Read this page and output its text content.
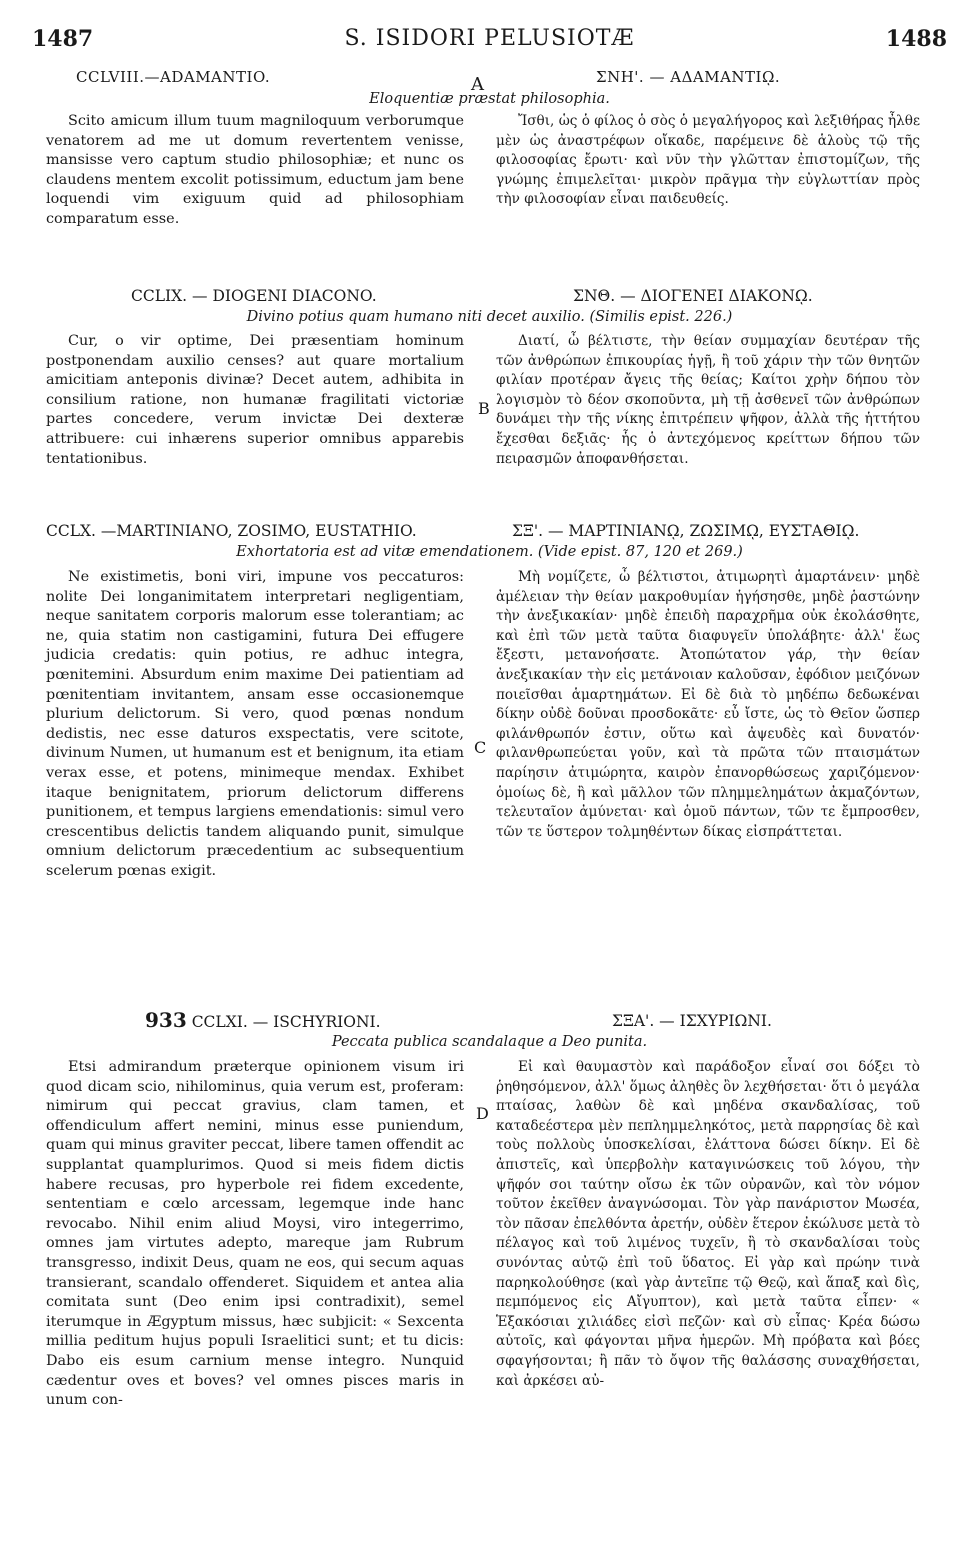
1487	S. ISIDORI PELUSIOTÆ	1488
CCLVIII.—ADAMANTIO.	A	ΣΝΗ'. — ΑΔΑΜΑΝΤΙῼ.
Eloquentiæ præstat philosophia.

Scito amicum illum tuum magniloquum verborumque venatorem ad me ut domum revertentem venisse, mansisse vero captum studio philosophiæ; et nunc os claudens mentem excolit potissimum, eductum jam bene loquendi vim exiguum quid ad philosophiam comparatum esse.

Ἴσθι, ὡς ὁ φίλος ὁ σὸς ὁ μεγαλήγορος καὶ λεξιθήρας ἦλθε μὲν ὡς ἀναστρέφων οἴκαδε, παρέμεινε δὲ ἁλοὺς τῷ τῆς φιλοσοφίας ἔρωτι· καὶ νῦν τὴν γλῶτταν ἐπιστομίζων, τῆς γνώμης ἐπιμελεῖται· μικρὸν πρᾶγμα τὴν εὐγλωττίαν πρὸς τὴν φιλοσοφίαν εἶναι παιδευθείς.

CCLIX. — DIOGENI DIACONO.	ΣΝΘ. — ΔΙΟΓΕΝΕΙ ΔΙΑΚΟΝῼ.
Divino potius quam humano niti decet auxilio. (Similis epist. 226.)

Cur, o vir optime, Dei præsentiam hominum postponendam auxilio censes? aut quare mortalium amicitiam anteponis divinæ? Decet autem, adhibita in consilium ratione, non humanæ fragilitati victoriæ partes concedere, verum invictæ Dei dexteræ attribuere: cui inhærens superior omnibus apparebis tentationibus.

B

Διατί, ὦ βέλτιστε, τὴν θείαν συμμαχίαν δευτέραν τῆς τῶν ἀνθρώπων ἐπικουρίας ἡγῇ, ἢ τοῦ χάριν τὴν τῶν θνητῶν φιλίαν προτέραν ἄγεις τῆς θείας; Καίτοι χρὴν δήπου τὸν λογισμὸν τὸ δέον σκοποῦντα, μὴ τῇ ἀσθενεῖ τῶν ἀνθρώπων δυνάμει τὴν τῆς νίκης ἐπιτρέπειν ψῆφον, ἀλλὰ τῆς ἡττήτου ἔχεσθαι δεξιᾶς· ἧς ὁ ἀντεχόμενος κρείττων δήπου τῶν πειρασμῶν ἀποφανθήσεται.

CCLX. —MARTINIANO, ZOSIMO, EUSTATHIO.	ΣΞ'. — ΜΑΡΤΙΝΙΑΝῼ, ΖΩΣΙΜῼ, ΕΥΣΤΑΘΙῼ.
Exhortatoria est ad vitæ emendationem. (Vide epist. 87, 120 et 269.)

Ne existimetis, boni viri, impune vos peccaturos: nolite Dei longanimitatem interpretari negligentiam, neque sanitatem corporis malorum esse tolerantiam; ac ne, quia statim non castigamini, futura Dei effugere judicia credatis: quin potius, re adhuc integra, pœnitemini. Absurdum enim maxime Dei patientiam ad pœnitentiam invitantem, ansam esse occasionemque plurium delictorum. Si vero, quod pœnas nondum dedistis, nec esse daturos exspectatis, vere scitote, divinum Numen, ut humanum est et benignum, ita etiam verax esse, et potens, minimeque mendax. Exhibet itaque benignitatem, priorum delictorum differens punitionem, et tempus largiens emendationis: simul vero crescentibus delictis tandem aliquando punit, simulque omnium delictorum præcedentium ac subsequentium scelerum pœnas exigit.

C

Μὴ νομίζετε, ὦ βέλτιστοι, ἀτιμωρητὶ ἁμαρτάνειν· μηδὲ ἀμέλειαν τὴν θείαν μακροθυμίαν ἡγήσησθε, μηδὲ ῥαστώνην τὴν ἀνεξικακίαν· μηδὲ ἐπειδὴ παραχρῆμα οὐκ ἐκολάσθητε, καὶ ἐπὶ τῶν μετὰ ταῦτα διαφυγεῖν ὑπολάβητε· ἀλλ' ἕως ἔξεστι, μετανοήσατε. Ἀτοπώτατον γάρ, τὴν θείαν ἀνεξικακίαν τὴν εἰς μετάνοιαν καλοῦσαν, ἐφόδιον μειζόνων ποιεῖσθαι ἁμαρτημάτων. Εἰ δὲ διὰ τὸ μηδέπω δεδωκέναι δίκην οὐδὲ δοῦναι προσδοκᾶτε· εὖ ἴστε, ὡς τὸ Θεῖον ὥσπερ φιλάνθρωπόν ἐστιν, οὕτω καὶ ἀψευδὲς καὶ δυνατόν· φιλανθρωπεύεται γοῦν, καὶ τὰ πρῶτα τῶν πταισμάτων παρίησιν ἀτιμώρητα, καιρὸν ἐπανορθώσεως χαριζόμενον· ὁμοίως δὲ, ἢ καὶ μᾶλλον τῶν πλημμελημάτων ἀκμαζόντων, τελευταῖον ἀμύνεται· καὶ ὁμοῦ πάντων, τῶν τε ἔμπροσθεν, τῶν τε ὕστερον τολμηθέντων δίκας εἰσπράττεται.

933 CCLXI. — ISCHYRIONI.	ΣΞΑ'. — ΙΣΧΥΡΙΩΝΙ.
Peccata publica scandalaque a Deo punita.

Etsi admirandum præterque opinionem visum iri quod dicam scio, nihilominus, quia verum est, proferam: nimirum qui peccat gravius, clam tamen, et offendiculum affert nemini, minus esse puniendum, quam qui minus graviter peccat, libere tamen offendit ac supplantat quamplurimos. Quod si meis fidem dictis habere recusas, pro hyperbole rei fidem excedente, sententiam e cœlo arcessam, legemque inde hanc revocabo. Nihil enim aliud Moysi, viro integerrimo, omnes jam virtutes adepto, mareque jam Rubrum transgresso, indixit Deus, quam ne eos, qui secum aquas transierant, scandalo offenderet. Siquidem et antea alia comitata sunt (Deo enim ipsi contradixit), semel iterumque in Ægyptum missus, hæc subjicit: « Sexcenta millia peditum hujus populi Israelitici sunt; et tu dicis: Dabo eis esum carnium mense integro. Nunquid cædentur oves et boves? vel omnes pisces maris in unum con-

D

Εἰ καὶ θαυμαστὸν καὶ παράδοξον εἶναί σοι δόξει τὸ ῥηθησόμενον, ἀλλ' ὅμως ἀληθὲς ὂν λεχθήσεται· ὅτι ὁ μεγάλα πταίσας, λαθὼν δὲ καὶ μηδένα σκανδαλίσας, τοῦ καταδεέστερα μὲν πεπλημμεληκότος, μετὰ παρρησίας δὲ καὶ τοὺς πολλοὺς ὑποσκελίσαι, ἐλάττονα δώσει δίκην. Εἰ δὲ ἀπιστεῖς, καὶ ὑπερβολὴν καταγινώσκεις τοῦ λόγου, τὴν ψῆφόν σοι ταύτην οἴσω ἐκ τῶν οὐρανῶν, καὶ τὸν νόμον τοῦτον ἐκεῖθεν ἀναγνώσομαι. Τὸν γὰρ πανάριστον Μωσέα, τὸν πᾶσαν ἐπελθόντα ἀρετήν, οὐδὲν ἕτερον ἐκώλυσε μετὰ τὸ πέλαγος καὶ τοῦ λιμένος τυχεῖν, ἢ τὸ σκανδαλίσαι τοὺς συνόντας αὐτῷ ἐπὶ τοῦ ὕδατος. Εἰ γὰρ καὶ πρώην τινὰ παρηκολούθησε (καὶ γὰρ ἀντεῖπε τῷ Θεῷ, καὶ ἅπαξ καὶ δὶς, πεμπόμενος εἰς Αἴγυπτον), καὶ μετὰ ταῦτα εἶπεν· « Ἑξακόσιαι χιλιάδες εἰσὶ πεζῶν· καὶ σὺ εἶπας· Κρέα δώσω αὐτοῖς, καὶ φάγονται μῆνα ἡμερῶν. Μὴ πρόβατα καὶ βόες σφαγήσονται; ἢ πᾶν τὸ ὄψον τῆς θαλάσσης συναχθήσεται, καὶ ἀρκέσει αὐ-
